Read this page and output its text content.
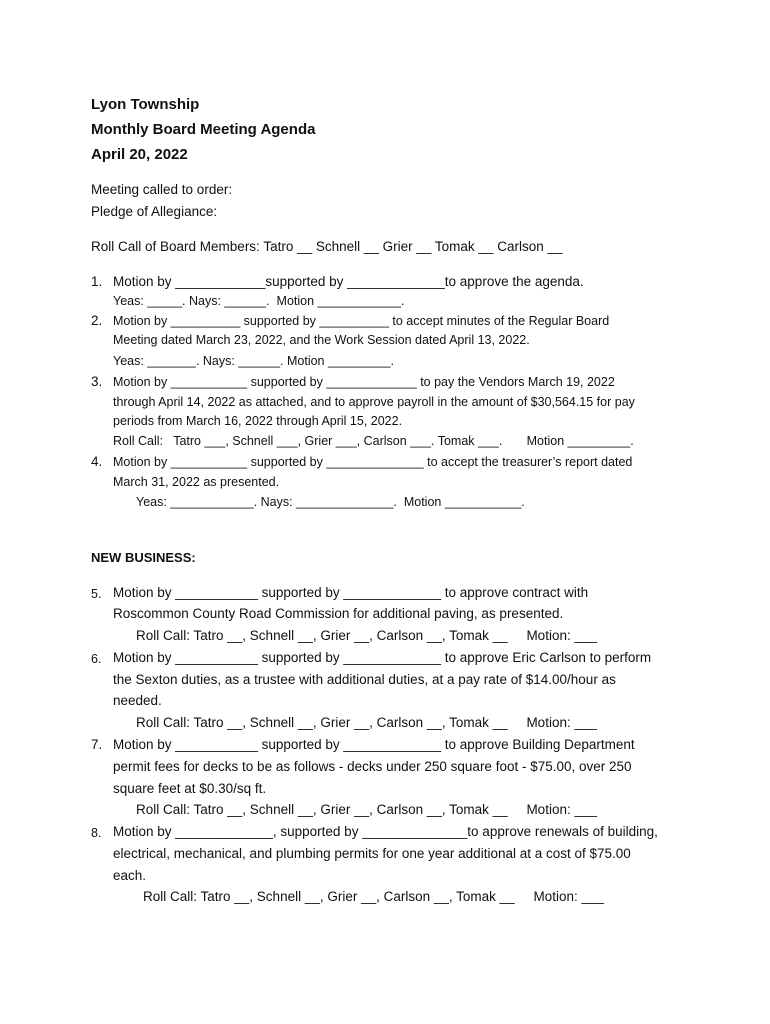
Lyon Township
Monthly Board Meeting Agenda
April 20, 2022
Meeting called to order:
Pledge of Allegiance:
Roll Call of Board Members: Tatro __ Schnell __ Grier __ Tomak __ Carlson __
1. Motion by ____________supported by _____________to approve the agenda.
Yeas: _____. Nays: ______.  Motion ____________.
2. Motion by __________ supported by __________ to accept minutes of the Regular Board
Meeting dated March 23, 2022, and the Work Session dated April 13, 2022.
Yeas: _______. Nays: ______. Motion _________.
3. Motion by ___________ supported by _____________ to pay the Vendors March 19, 2022
through April 14, 2022 as attached, and to approve payroll in the amount of $30,564.15 for pay
periods from March 16, 2022 through April 15, 2022.
Roll Call:   Tatro ___, Schnell ___, Grier ___, Carlson ___. Tomak ___.       Motion _________.
4. Motion by ___________ supported by ______________ to accept the treasurer’s report dated
March 31, 2022 as presented.
Yeas: ____________. Nays: ______________.  Motion ___________.
NEW BUSINESS:
5. Motion by ___________ supported by _____________ to approve contract with
Roscommon County Road Commission for additional paving, as presented.
Roll Call: Tatro __, Schnell __, Grier __, Carlson __, Tomak __     Motion: ___
6. Motion by ___________ supported by _____________ to approve Eric Carlson to perform
the Sexton duties, as a trustee with additional duties, at a pay rate of $14.00/hour as
needed.
Roll Call: Tatro __, Schnell __, Grier __, Carlson __, Tomak __     Motion: ___
7. Motion by ___________ supported by _____________ to approve Building Department
permit fees for decks to be as follows - decks under 250 square foot - $75.00, over 250
square feet at $0.30/sq ft.
Roll Call: Tatro __, Schnell __, Grier __, Carlson __, Tomak __     Motion: ___
8. Motion by _____________, supported by ______________to approve renewals of building,
electrical, mechanical, and plumbing permits for one year additional at a cost of $75.00
each.
Roll Call: Tatro __, Schnell __, Grier __, Carlson __, Tomak __     Motion: ___
